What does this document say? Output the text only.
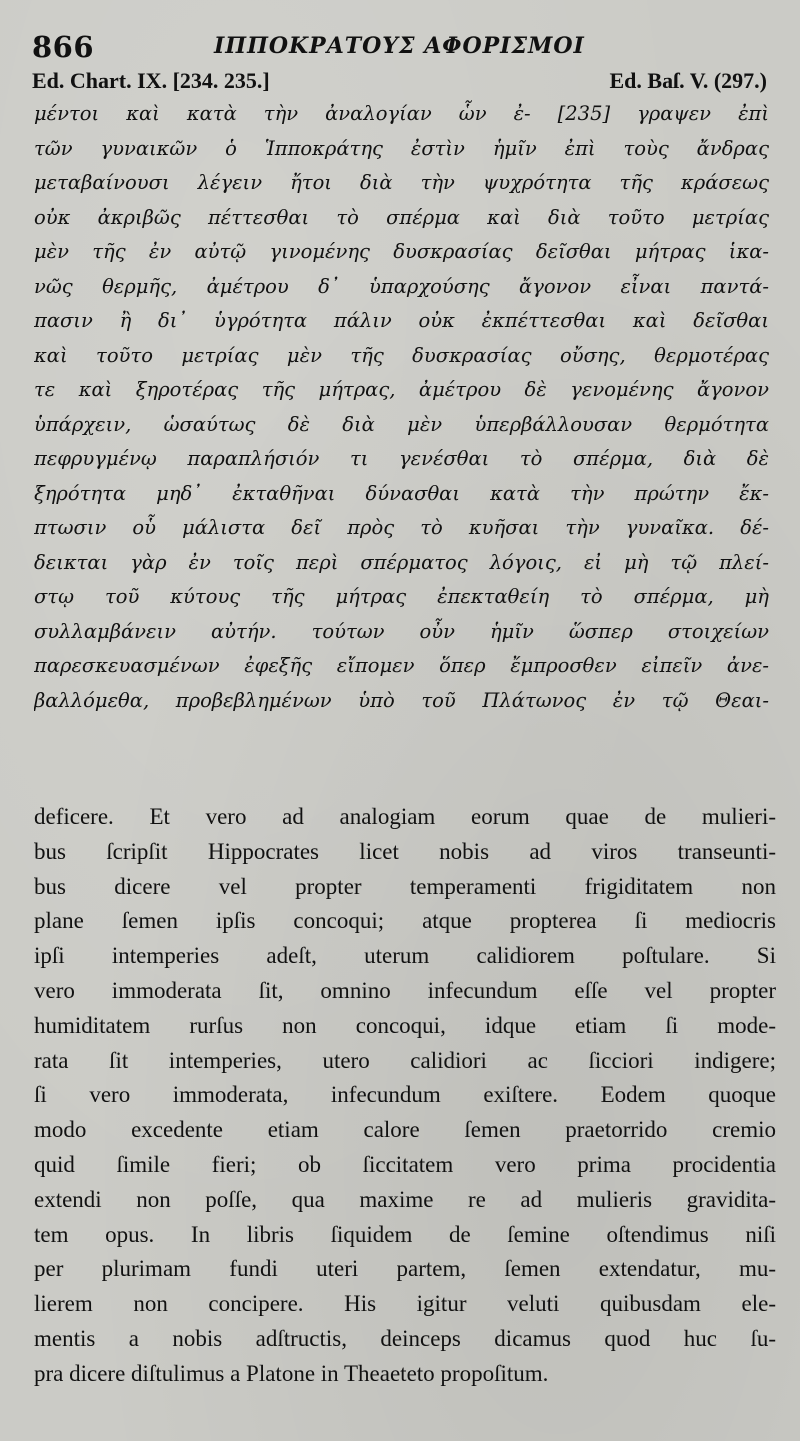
866	ΙΠΠΟΚΡΑΤΟΥΣ ΑΦΟΡΙΣΜΟΙ
Ed. Chart. IX. [234. 235.]	Ed. Baſ. V. (297.)
μέντοι καὶ κατὰ τὴν ἀναλογίαν ὧν ἐ‑ [235] γραψεν ἐπὶ
τῶν γυναικῶν ὁ Ἱπποκράτης ἐστὶν ἡμῖν ἐπὶ τοὺς ἄνδρας
μεταβαίνουσι λέγειν ἤτοι διὰ τὴν ψυχρότητα τῆς κράσεως
οὐκ ἀκριβῶς πέττεσθαι τὸ σπέρμα καὶ διὰ τοῦτο μετρίας
μὲν τῆς ἐν αὐτῷ γινομένης δυσκρασίας δεῖσθαι μήτρας ἱκα-
νῶς θερμῆς, ἀμέτρου δ᾽ ὑπαρχούσης ἄγονον εἶναι παντά-
πασιν ἢ δι᾽ ὑγρότητα πάλιν οὐκ ἐκπέττεσθαι καὶ δεῖσθαι
καὶ τοῦτο μετρίας μὲν τῆς δυσκρασίας οὔσης, θερμοτέρας
τε καὶ ξηροτέρας τῆς μήτρας, ἀμέτρου δὲ γενομένης ἄγονον
ὑπάρχειν, ὡσαύτως δὲ διὰ μὲν ὑπερβάλλουσαν θερμότητα
πεφρυγμένῳ παραπλήσιόν τι γενέσθαι τὸ σπέρμα, διὰ δὲ
ξηρότητα μηδ᾽ ἐκταθῆναι δύνασθαι κατὰ τὴν πρώτην ἔκ-
πτωσιν οὗ μάλιστα δεῖ πρὸς τὸ κυῆσαι τὴν γυναῖκα. δέ-
δεικται γὰρ ἐν τοῖς περὶ σπέρματος λόγοις, εἰ μὴ τῷ πλεί-
στῳ τοῦ κύτους τῆς μήτρας ἐπεκταθείη τὸ σπέρμα, μὴ
συλλαμβάνειν αὐτήν. τούτων οὖν ἡμῖν ὥσπερ στοιχείων
παρεσκευασμένων ἐφεξῆς εἴπομεν ὅπερ ἔμπροσθεν εἰπεῖν ἀνε-
βαλλόμεθα, προβεβλημένων ὑπὸ τοῦ Πλάτωνος ἐν τῷ Θεαι-
deficere. Et vero ad analogiam eorum quae de mulieri-
bus ſcripſit Hippocrates licet nobis ad viros transeunti-
bus dicere vel propter temperamenti frigiditatem non
plane ſemen ipſis concoqui; atque propterea ſi mediocris
ipſi intemperies adeſt, uterum calidiorem poſtulare. Si
vero immoderata ſit, omnino infecundum eſſe vel propter
humiditatem rurſus non concoqui, idque etiam ſi mode-
rata ſit intemperies, utero calidiori ac ſicciori indigere;
ſi vero immoderata, infecundum exiſtere. Eodem quoque
modo excedente etiam calore ſemen praetorrido cremio
quid ſimile fieri; ob ſiccitatem vero prima procidentia
extendi non poſſe, qua maxime re ad mulieris graviditа-
tem opus. In libris ſiquidem de ſemine oſtendimus niſi
per plurimam fundi uteri partem, ſemen extendatur, mu-
lierem non concipere. His igitur veluti quibusdam ele-
mentis a nobis adſtructis, deinceps dicamus quod huc ſu-
pra dicere diſtulimus a Platone in Theaeteto propoſitum.
